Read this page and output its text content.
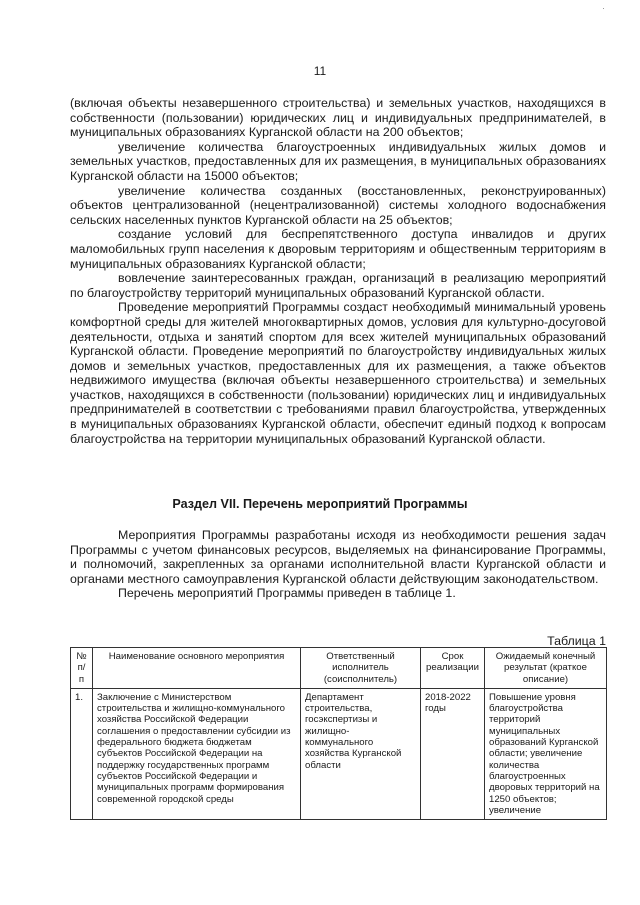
11

(включая объекты незавершенного строительства) и земельных участков, находящихся в собственности (пользовании) юридических лиц и индивидуальных предпринимателей, в муниципальных образованиях Курганской области на 200 объектов;

увеличение количества благоустроенных индивидуальных жилых домов и земельных участков, предоставленных для их размещения, в муниципальных образованиях Курганской области на 15000 объектов;

увеличение количества созданных (восстановленных, реконструированных) объектов централизованной (нецентрализованной) системы холодного водоснабжения сельских населенных пунктов Курганской области на 25 объектов;

создание условий для беспрепятственного доступа инвалидов и других маломобильных групп населения к дворовым территориям и общественным территориям в муниципальных образованиях Курганской области;

вовлечение заинтересованных граждан, организаций в реализацию мероприятий по благоустройству территорий муниципальных образований Курганской области.

Проведение мероприятий Программы создаст необходимый минимальный уровень комфортной среды для жителей многоквартирных домов, условия для культурно-досуговой деятельности, отдыха и занятий спортом для всех жителей муниципальных образований Курганской области. Проведение мероприятий по благоустройству индивидуальных жилых домов и земельных участков, предоставленных для их размещения, а также объектов недвижимого имущества (включая объекты незавершенного строительства) и земельных участков, находящихся в собственности (пользовании) юридических лиц и индивидуальных предпринимателей в соответствии с требованиями правил благоустройства, утвержденных в муниципальных образованиях Курганской области, обеспечит единый подход к вопросам благоустройства на территории муниципальных образований Курганской области.

Раздел VII. Перечень мероприятий Программы

Мероприятия Программы разработаны исходя из необходимости решения задач Программы с учетом финансовых ресурсов, выделяемых на финансирование Программы, и полномочий, закрепленных за органами исполнительной власти Курганской области и органами местного самоуправления Курганской области действующим законодательством.

Перечень мероприятий Программы приведен в таблице 1.

Таблица 1
№ п/п	Наименование основного мероприятия	Ответственный исполнитель (соисполнитель)	Срок реализации	Ожидаемый конечный результат (краткое описание)
1.	Заключение с Министерством строительства и жилищно-коммунального хозяйства Российской Федерации соглашения о предоставлении субсидии из федерального бюджета бюджетам субъектов Российской Федерации на поддержку государственных программ субъектов Российской Федерации и муниципальных программ формирования современной городской среды	Департамент строительства, госэкспертизы и жилищно-коммунального хозяйства Курганской области	2018-2022 годы	Повышение уровня благоустройства территорий муниципальных образований Курганской области; увеличение количества благоустроенных дворовых территорий на 1250 объектов; увеличение
